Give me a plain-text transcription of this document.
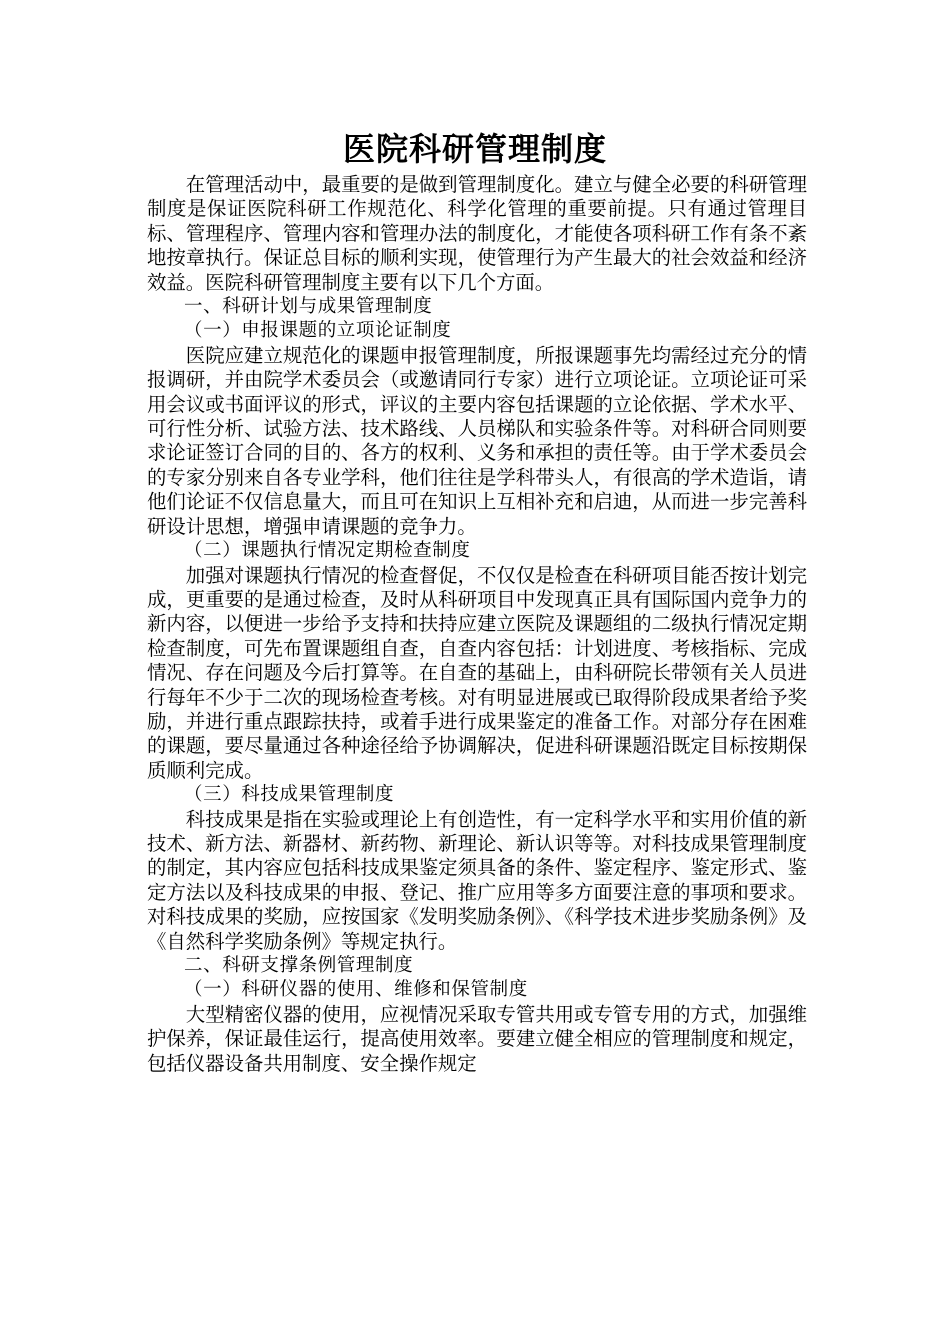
医院科研管理制度

在管理活动中，最重要的是做到管理制度化。建立与健全必要的科研管理制度是保证医院科研工作规范化、科学化管理的重要前提。只有通过管理目标、管理程序、管理内容和管理办法的制度化，才能使各项科研工作有条不紊地按章执行。保证总目标的顺利实现，使管理行为产生最大的社会效益和经济效益。医院科研管理制度主要有以下几个方面。

一、科研计划与成果管理制度

（一）申报课题的立项论证制度

医院应建立规范化的课题申报管理制度，所报课题事先均需经过充分的情报调研，并由院学术委员会（或邀请同行专家）进行立项论证。立项论证可采用会议或书面评议的形式，评议的主要内容包括课题的立论依据、学术水平、可行性分析、试验方法、技术路线、人员梯队和实验条件等。对科研合同则要求论证签订合同的目的、各方的权利、义务和承担的责任等。由于学术委员会的专家分别来自各专业学科，他们往往是学科带头人，有很高的学术造诣，请他们论证不仅信息量大，而且可在知识上互相补充和启迪，从而进一步完善科研设计思想，增强申请课题的竞争力。

（二）课题执行情况定期检查制度

加强对课题执行情况的检查督促，不仅仅是检查在科研项目能否按计划完成，更重要的是通过检查，及时从科研项目中发现真正具有国际国内竞争力的新内容，以便进一步给予支持和扶持应建立医院及课题组的二级执行情况定期检查制度，可先布置课题组自查，自查内容包括：计划进度、考核指标、完成情况、存在问题及今后打算等。在自查的基础上，由科研院长带领有关人员进行每年不少于二次的现场检查考核。对有明显进展或已取得阶段成果者给予奖励，并进行重点跟踪扶持，或着手进行成果鉴定的准备工作。对部分存在困难的课题，要尽量通过各种途径给予协调解决，促进科研课题沿既定目标按期保质顺利完成。

（三）科技成果管理制度

科技成果是指在实验或理论上有创造性，有一定科学水平和实用价值的新技术、新方法、新器材、新药物、新理论、新认识等等。对科技成果管理制度的制定，其内容应包括科技成果鉴定须具备的条件、鉴定程序、鉴定形式、鉴定方法以及科技成果的申报、登记、推广应用等多方面要注意的事项和要求。对科技成果的奖励，应按国家《发明奖励条例》、《科学技术进步奖励条例》及《自然科学奖励条例》等规定执行。

二、科研支撑条例管理制度

（一）科研仪器的使用、维修和保管制度

大型精密仪器的使用，应视情况采取专管共用或专管专用的方式，加强维护保养，保证最佳运行，提高使用效率。要建立健全相应的管理制度和规定，包括仪器设备共用制度、安全操作规定
